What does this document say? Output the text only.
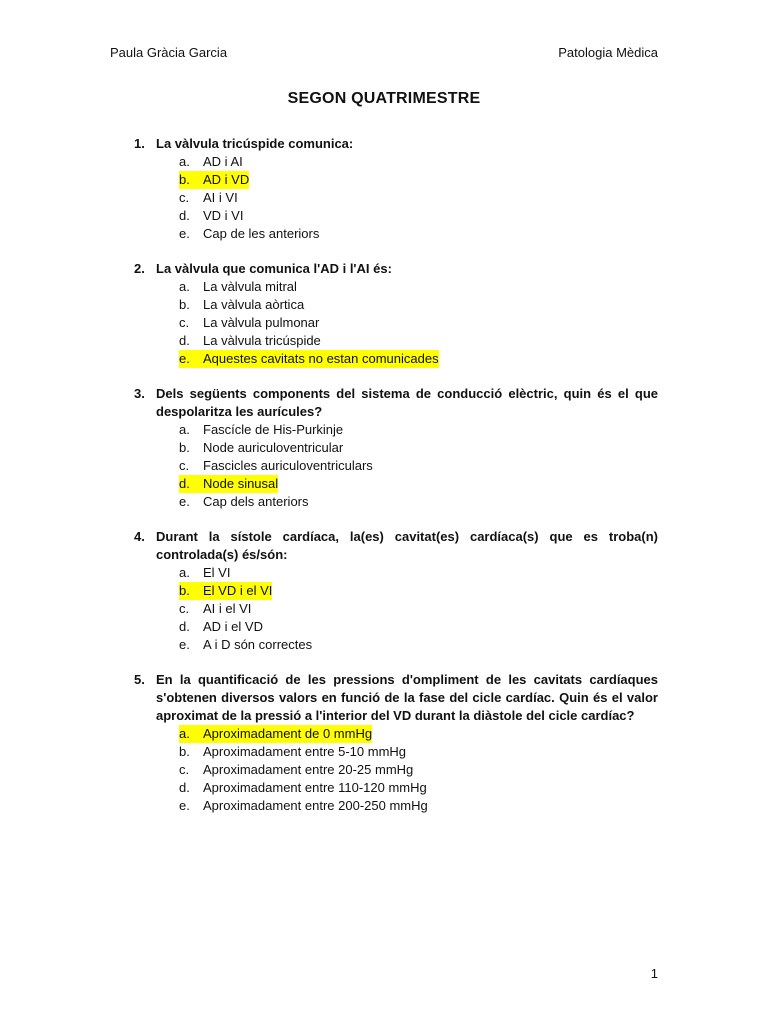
Paula Gràcia Garcia	Patologia Mèdica
SEGON QUATRIMESTRE
1. La vàlvula tricúspide comunica:
a.	AD i AI
b.	AD i VD
c.	AI i VI
d.	VD i VI
e.	Cap de les anteriors
2. La vàlvula que comunica l'AD i l'AI és:
a.	La vàlvula mitral
b.	La vàlvula aòrtica
c.	La vàlvula pulmonar
d.	La vàlvula tricúspide
e.	Aquestes cavitats no estan comunicades
3. Dels següents components del sistema de conducció elèctric, quin és el que despolaritza les aurícules?
a.	Fascícle de His-Purkinje
b.	Node auriculoventricular
c.	Fascicles auriculoventriculars
d.	Node sinusal
e.	Cap dels anteriors
4. Durant la sístole cardíaca, la(es) cavitat(es) cardíaca(s) que es troba(n) controlada(s) és/són:
a.	El VI
b.	El VD i el VI
c.	AI i el VI
d.	AD i el VD
e.	A i D són correctes
5. En la quantificació de les pressions d'ompliment de les cavitats cardíaques s'obtenen diversos valors en funció de la fase del cicle cardíac. Quin és el valor aproximat de la pressió a l'interior del VD durant la diàstole del cicle cardíac?
a.	Aproximadament de 0 mmHg
b.	Aproximadament entre 5-10 mmHg
c.	Aproximadament entre 20-25 mmHg
d.	Aproximadament entre 110-120 mmHg
e.	Aproximadament entre 200-250 mmHg
1
